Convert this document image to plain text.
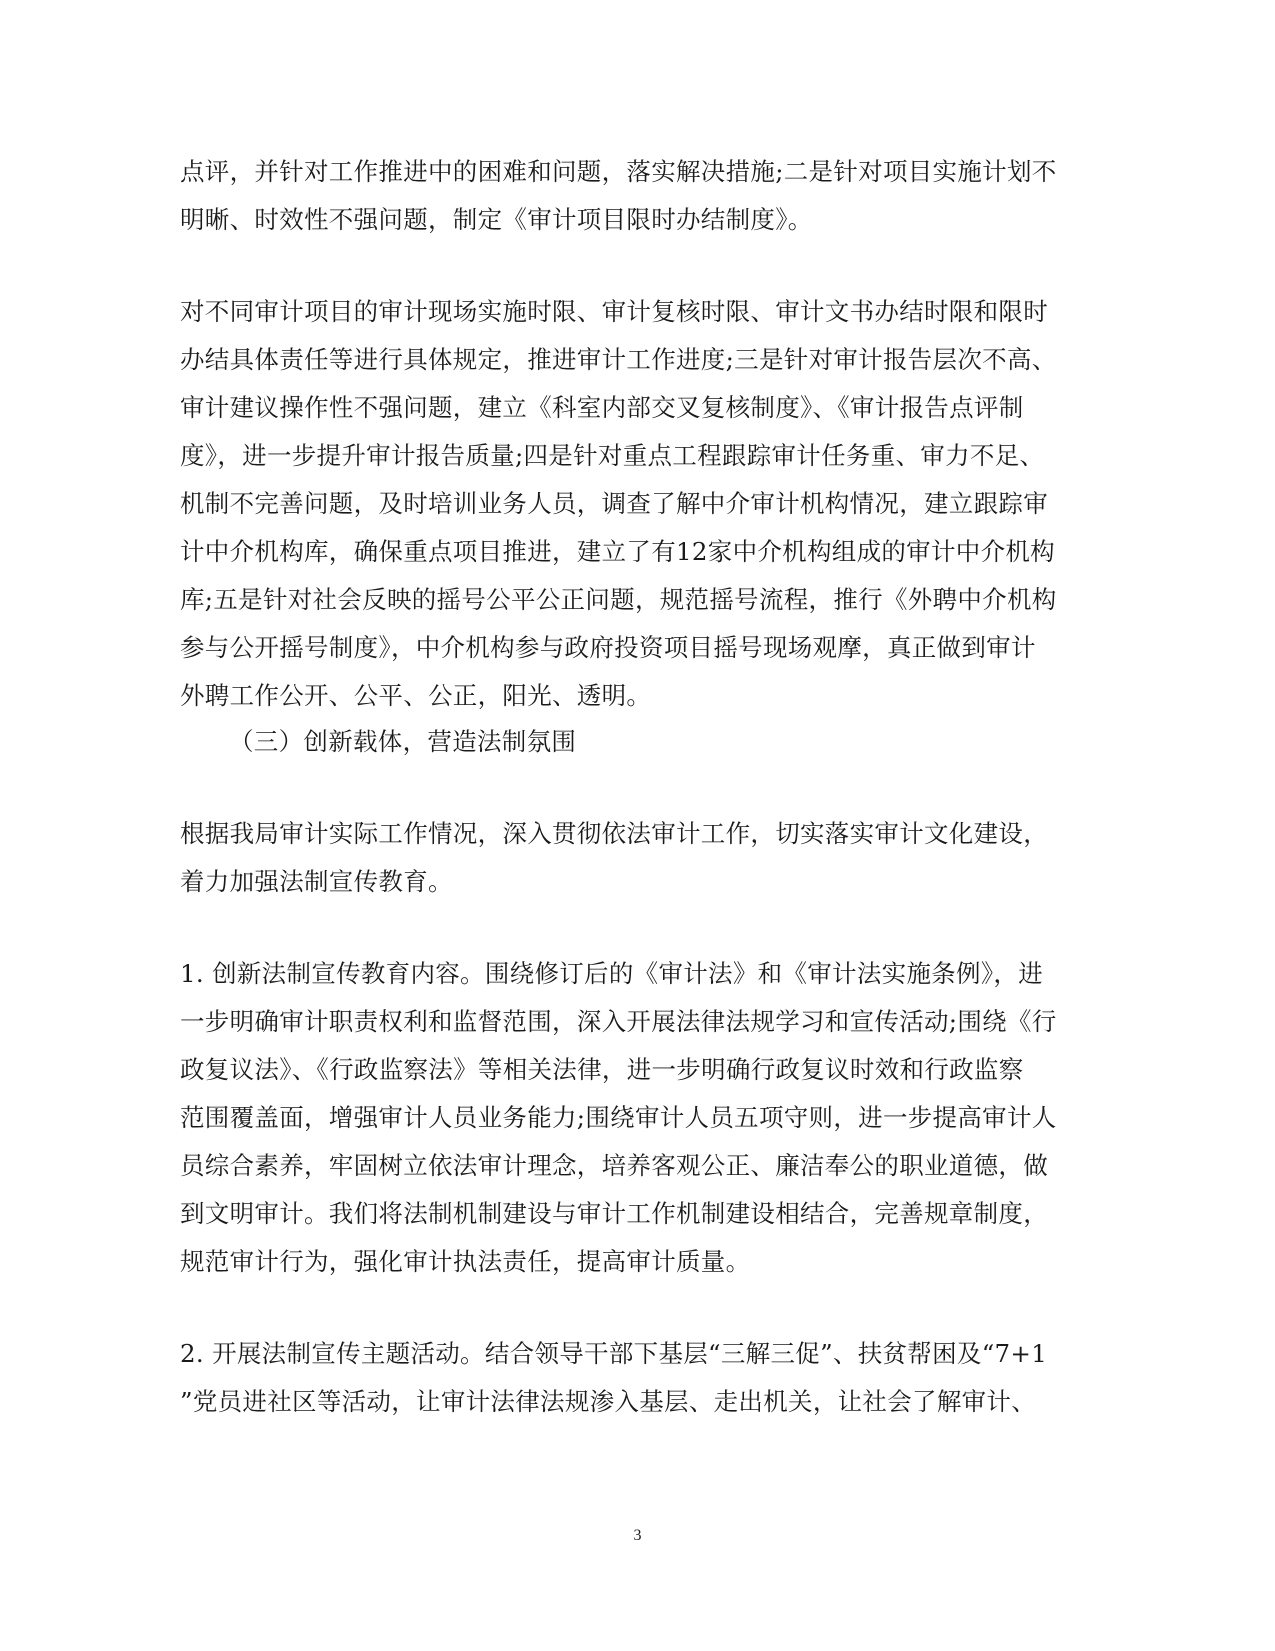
点评，并针对工作推进中的困难和问题，落实解决措施;二是针对项目实施计划不
明晰、时效性不强问题，制定《审计项目限时办结制度》。
对不同审计项目的审计现场实施时限、审计复核时限、审计文书办结时限和限时
办结具体责任等进行具体规定，推进审计工作进度;三是针对审计报告层次不高、
审计建议操作性不强问题，建立《科室内部交叉复核制度》、《审计报告点评制
度》，进一步提升审计报告质量;四是针对重点工程跟踪审计任务重、审力不足、
机制不完善问题，及时培训业务人员，调查了解中介审计机构情况，建立跟踪审
计中介机构库，确保重点项目推进，建立了有12家中介机构组成的审计中介机构
库;五是针对社会反映的摇号公平公正问题，规范摇号流程，推行《外聘中介机构
参与公开摇号制度》，中介机构参与政府投资项目摇号现场观摩，真正做到审计
外聘工作公开、公平、公正，阳光、透明。
（三）创新载体，营造法制氛围
根据我局审计实际工作情况，深入贯彻依法审计工作，切实落实审计文化建设，
着力加强法制宣传教育。
1. 创新法制宣传教育内容。围绕修订后的《审计法》和《审计法实施条例》，进
一步明确审计职责权利和监督范围，深入开展法律法规学习和宣传活动;围绕《行
政复议法》、《行政监察法》等相关法律，进一步明确行政复议时效和行政监察
范围覆盖面，增强审计人员业务能力;围绕审计人员五项守则，进一步提高审计人
员综合素养，牢固树立依法审计理念，培养客观公正、廉洁奉公的职业道德，做
到文明审计。我们将法制机制建设与审计工作机制建设相结合，完善规章制度，
规范审计行为，强化审计执法责任，提高审计质量。
2. 开展法制宣传主题活动。结合领导干部下基层“三解三促”、扶贫帮困及“7+1
”党员进社区等活动，让审计法律法规渗入基层、走出机关，让社会了解审计、
3
